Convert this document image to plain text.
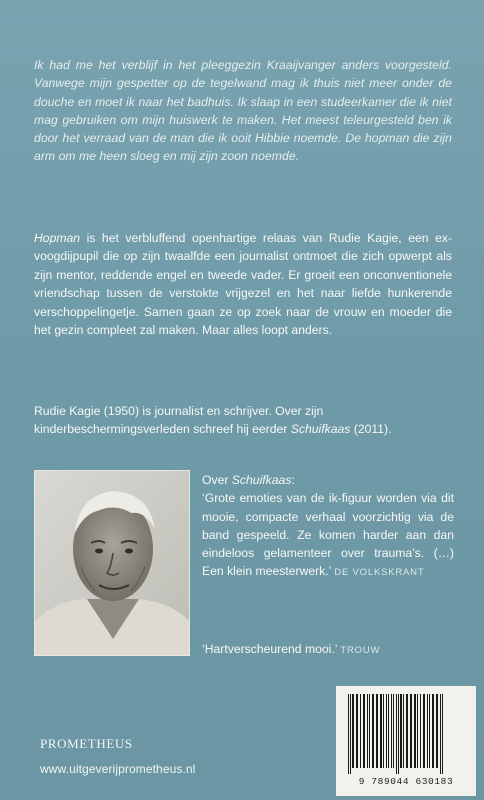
Ik had me het verblijf in het pleeggezin Kraaijvanger anders voorgesteld. Vanwege mijn gespetter op de tegelwand mag ik thuis niet meer onder de douche en moet ik naar het badhuis. Ik slaap in een studeerkamer die ik niet mag gebruiken om mijn huiswerk te maken. Het meest teleurgesteld ben ik door het verraad van de man die ik ooit Hibbie noemde. De hopman die zijn arm om me heen sloeg en mij zijn zoon noemde.

Hopman is het verbluffend openhartige relaas van Rudie Kagie, een ex-voogdijpupil die op zijn twaalfde een journalist ontmoet die zich opwerpt als zijn mentor, reddende engel en tweede vader. Er groeit een onconventionele vriendschap tussen de verstokte vrijgezel en het naar liefde hunkerende verschoppelingetje. Samen gaan ze op zoek naar de vrouw en moeder die het gezin compleet zal maken. Maar alles loopt anders.

Rudie Kagie (1950) is journalist en schrijver. Over zijn kinderbeschermingsverleden schreef hij eerder Schuifkaas (2011).

Over Schuifkaas:

‘Grote emoties van de ik-figuur worden via dit mooie, compacte verhaal voorzichtig via de band gespeeld. Ze komen harder aan dan eindeloos gelamenteer over trauma’s. (…) Een klein meesterwerk.’ DE VOLKSKRANT

‘Hartverscheurend mooi.’ TROUW
PROMETHEUS
www.uitgeverijprometheus.nl
9 789044 630183
